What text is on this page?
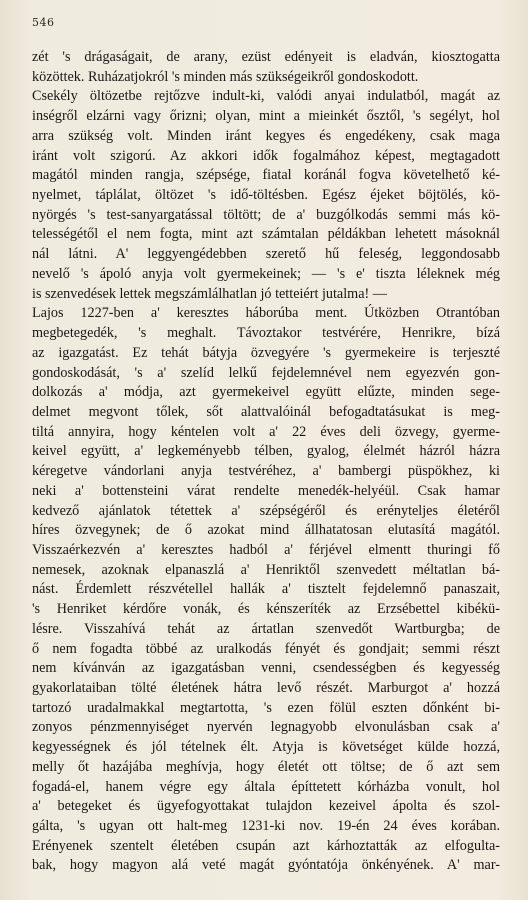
546
zét 's drágaságait, de arany, ezüst edényeit is eladván, kiosztogatta
közöttek. Ruházatjokról 's minden más szükségeikről gondoskodott.
Csekély öltözetbe rejtőzve indult-ki, valódi anyai indulatból, magát az
inségről elzárni vagy őrizni; olyan, mint a mieinkét ősztől, 's segélyt, hol
arra szükség volt. Minden iránt kegyes és engedékeny, csak maga
iránt volt szigorú. Az akkori idők fogalmához képest, megtagadott
magától minden rangja, szépsége, fiatal koránál fogva követelhető ké-
nyelmet, táplálat, öltözet 's idő-töltésben. Egész éjeket böjtölés, kö-
nyörgés 's test-sanyargatással töltött; de a' buzgólkodás semmi más kö-
telességétől el nem fogta, mint azt számtalan példákban lehetett másoknál
nál látni. A' leggyengédebben szerető hű feleség, leggondosabb
nevelő 's ápoló anyja volt gyermekeinek; — 's e' tiszta léleknek még
is szenvedések lettek megszámlálhatlan jó tetteiért jutalma! —
Lajos 1227-ben a' keresztes háborúba ment. Útközben Otrantóban
megbetegedék, 's meghalt. Távoztakor testvérére, Henrikre, bízá
az igazgatást. Ez tehát bátyja özvegyére 's gyermekeire is terjeszté
gondoskodását, 's a' szelíd lelkű fejdelemnével nem egyezvén gon-
dolkozás a' módja, azt gyermekeivel együtt elűzte, minden sege-
delmet megvont tőlek, sőt alattvalóinál befogadtatásukat is meg-
tiltá annyira, hogy kéntelen volt a' 22 éves deli özvegy, gyerme-
keivel együtt, a' legkeményebb télben, gyalog, élelmét házról házra
kéregetve vándorlani anyja testvéréhez, a' bambergi püspökhez, ki
neki a' bottensteini várat rendelte menedék-helyéül. Csak hamar
kedvező ajánlatok tétettek a' szépségéről és erényteljes életéről
híres özvegynek; de ő azokat mind állhatatosan elutasítá magától.
Visszaérkezvén a' keresztes hadból a' férjével elmentt thuringi fő
nemesek, azoknak elpanaszlá a' Henriktől szenvedett méltatlan bá-
nást. Érdemlett részvétellel hallák a' tisztelt fejdelemnő panaszait,
's Henriket kérdőre vonák, és kénszeríték az Erzsébettel kibékü-
lésre. Visszahívá tehát az ártatlan szenvedőt Wartburgba; de
ő nem fogadta többé az uralkodás fényét és gondjait; semmi részt
nem kívánván az igazgatásban venni, csendességben és kegyesség
gyakorlataiban tölté életének hátra levő részét. Marburgot a' hozzá
tartozó uradalmakkal megtartotta, 's ezen fölül eszten dőnként bi-
zonyos pénzmennyiséget nyervén legnagyobb elvonulásban csak a'
kegyességnek és jól tételnek élt. Atyja is követséget külde hozzá,
melly őt hazájába meghívja, hogy életét ott töltse; de ő azt sem
fogadá-el, hanem végre egy általa építtetett kórházba vonult, hol
a' betegeket és ügyefogyottakat tulajdon kezeivel ápolta és szol-
gálta, 's ugyan ott halt-meg 1231-ki nov. 19-én 24 éves korában.
Erényenek szentelt életében csupán azt kárhoztatták az elfogulta-
bak, hogy magyon alá veté magát gyóntatója önkényének. A' mar-
